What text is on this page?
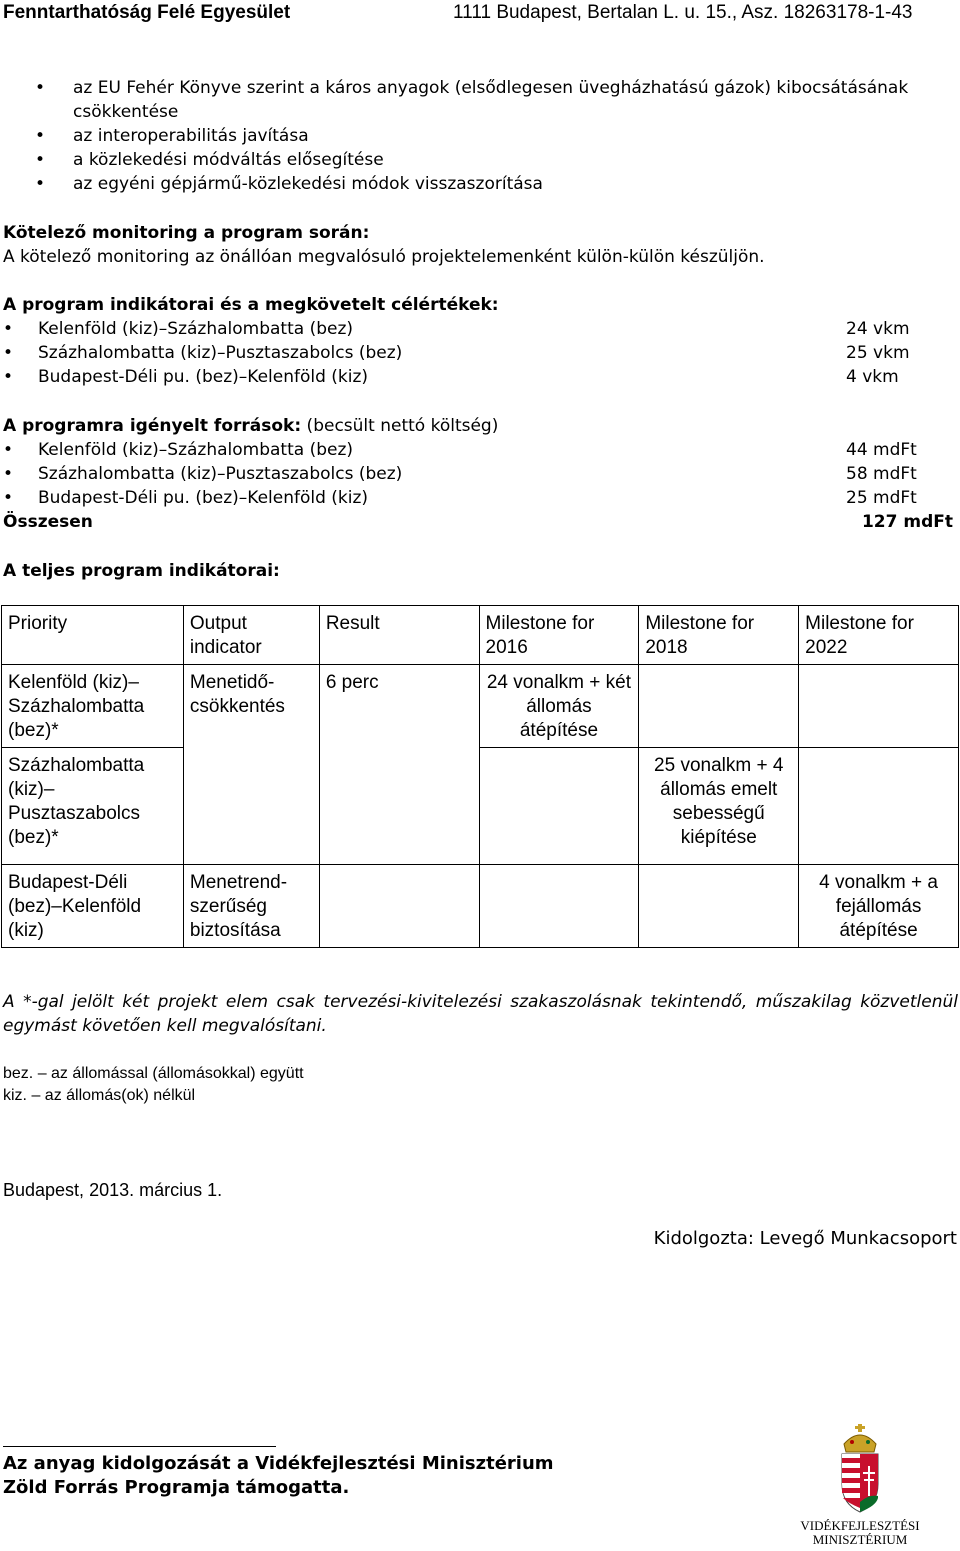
Fenntarthatóság Felé Egyesület	1111 Budapest, Bertalan L. u. 15., Asz. 18263178-1-43
•
az EU Fehér Könyve szerint a káros anyagok (elsődlegesen üvegházhatású gázok) kibocsátásának csökkentése
•
az interoperabilitás javítása
•
a közlekedési módváltás elősegítése
•
az egyéni gépjármű-közlekedési módok visszaszorítása
Kötelező monitoring a program során:
A kötelező monitoring az önállóan megvalósuló projektelemenként külön-külön készüljön.
A program indikátorai és a megkövetelt célértékek:
•
Kelenföld (kiz)–Százhalombatta (bez)	24 vkm
•
Százhalombatta (kiz)–Pusztaszabolcs (bez)	25 vkm
•
Budapest-Déli pu. (bez)–Kelenföld (kiz)	4 vkm
A programra igényelt források: (becsült nettó költség)
•
Kelenföld (kiz)–Százhalombatta (bez)	44 mdFt
•
Százhalombatta (kiz)–Pusztaszabolcs (bez)	58 mdFt
•
Budapest-Déli pu. (bez)–Kelenföld (kiz)	25 mdFt
Összesen	127 mdFt
A teljes program indikátorai:
Priority	Output indicator	Result	Milestone for 2016	Milestone for 2018	Milestone for 2022
Kelenföld (kiz)– Százhalombatta (bez)*	Menetidő-csökkentés	6 perc	24 vonalkm + két állomás átépítése		
Százhalombatta (kiz)– Pusztaszabolcs (bez)*				25 vonalkm + 4 állomás emelt sebességű kiépítése	
Budapest-Déli (bez)–Kelenföld (kiz)	Menetrend-szerűség biztosítása				4 vonalkm + a fejállomás átépítése
A *-gal jelölt két projekt elem csak tervezési-kivitelezési szakaszolásnak tekintendő, műszakilag közvetlenül egymást követően kell megvalósítani.
bez. – az állomással (állomásokkal) együtt
kiz. – az állomás(ok) nélkül
Budapest, 2013. március 1.
Kidolgozta: Levegő Munkacsoport
Az anyag kidolgozását a Vidékfejlesztési Minisztérium
Zöld Forrás Programja támogatta.
VIDÉKFEJLESZTÉSI
MINISZTÉRIUM
